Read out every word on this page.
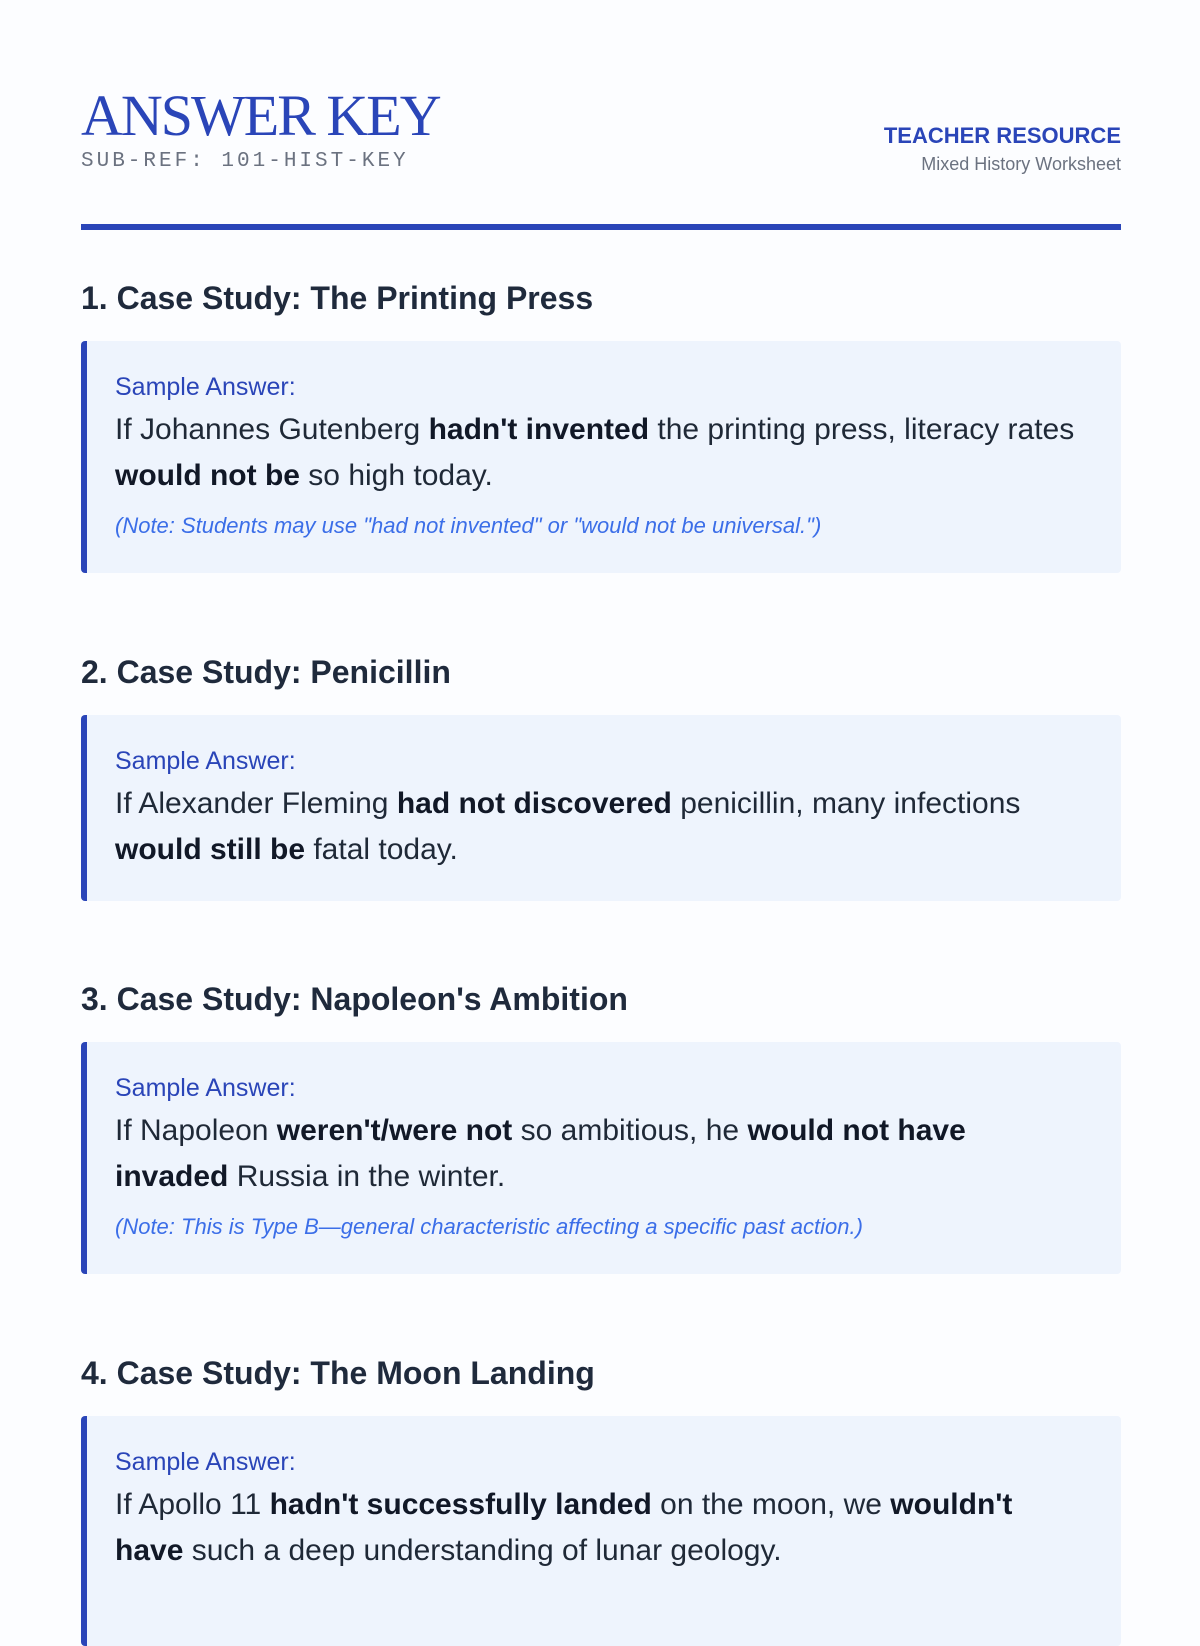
ANSWER KEY
SUB-REF: 101-HIST-KEY
TEACHER RESOURCE
Mixed History Worksheet
1. Case Study: The Printing Press
Sample Answer:
If Johannes Gutenberg hadn't invented the printing press, literacy rates would not be so high today.
(Note: Students may use "had not invented" or "would not be universal.")
2. Case Study: Penicillin
Sample Answer:
If Alexander Fleming had not discovered penicillin, many infections would still be fatal today.
3. Case Study: Napoleon's Ambition
Sample Answer:
If Napoleon weren't/were not so ambitious, he would not have invaded Russia in the winter.
(Note: This is Type B—general characteristic affecting a specific past action.)
4. Case Study: The Moon Landing
Sample Answer:
If Apollo 11 hadn't successfully landed on the moon, we wouldn't have such a deep understanding of lunar geology.
